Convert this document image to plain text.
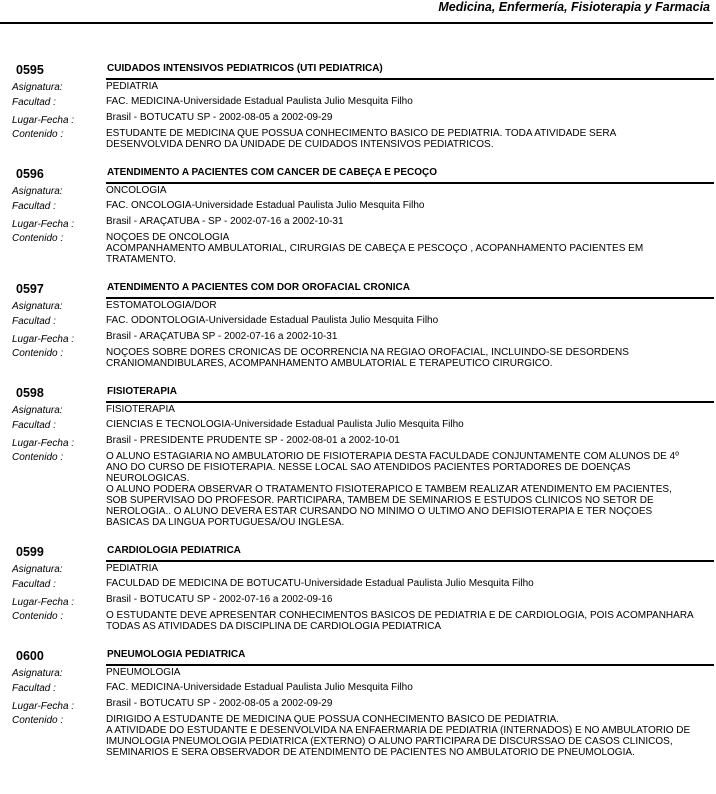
Medicina, Enfermería, Fisioterapia y Farmacia
0595	CUIDADOS INTENSIVOS PEDIATRICOS (UTI PEDIATRICA)
Asignatura:	PEDIATRIA
Facultad :	FAC. MEDICINA-Universidade Estadual Paulista Julio Mesquita Filho
Lugar-Fecha :	Brasil - BOTUCATU SP - 2002-08-05 a 2002-09-29
Contenido :	ESTUDANTE DE MEDICINA QUE POSSUA CONHECIMENTO BASICO DE PEDIATRIA. TODA ATIVIDADE SERA
DESENVOLVIDA DENRO DA UNIDADE DE CUIDADOS INTENSIVOS PEDIATRICOS.
0596	ATENDIMENTO A PACIENTES COM CANCER DE CABEÇA E PECOÇO
Asignatura:	ONCOLOGIA
Facultad :	FAC. ONCOLOGIA-Universidade Estadual Paulista Julio Mesquita Filho
Lugar-Fecha :	Brasil - ARAÇATUBA - SP - 2002-07-16 a 2002-10-31
Contenido :	NOÇOES DE ONCOLOGIA
ACOMPANHAMENTO AMBULATORIAL, CIRURGIAS DE CABEÇA E PESCOÇO , ACOPANHAMENTO PACIENTES EM
TRATAMENTO.
0597	ATENDIMENTO A PACIENTES COM DOR OROFACIAL CRONICA
Asignatura:	ESTOMATOLOGIA/DOR
Facultad :	FAC. ODONTOLOGIA-Universidade Estadual Paulista Julio Mesquita Filho
Lugar-Fecha :	Brasil - ARAÇATUBA SP - 2002-07-16 a 2002-10-31
Contenido :	NOÇOES SOBRE DORES CRONICAS DE OCORRENCIA NA REGIAO OROFACIAL, INCLUINDO-SE DESORDENS
CRANIOMANDIBULARES, ACOMPANHAMENTO AMBULATORIAL E TERAPEUTICO CIRURGICO.
0598	FISIOTERAPIA
Asignatura:	FISIOTERAPIA
Facultad :	CIENCIAS E TECNOLOGIA-Universidade Estadual Paulista Julio Mesquita Filho
Lugar-Fecha :	Brasil - PRESIDENTE PRUDENTE SP - 2002-08-01 a 2002-10-01
Contenido :	O ALUNO ESTAGIARIA NO AMBULATORIO DE FISIOTERAPIA DESTA FACULDADE CONJUNTAMENTE COM ALUNOS DE 4º
ANO DO CURSO DE FISIOTERAPIA. NESSE LOCAL SAO ATENDIDOS PACIENTES PORTADORES DE DOENÇAS
NEUROLOGICAS.
O ALUNO PODERA OBSERVAR O TRATAMENTO FISIOTERAPICO E TAMBEM REALIZAR ATENDIMENTO EM PACIENTES,
SOB SUPERVISAO DO PROFESOR. PARTICIPARA, TAMBEM DE SEMINARIOS E ESTUDOS CLINICOS NO SETOR DE
NEROLOGIA.. O ALUNO DEVERA ESTAR CURSANDO NO MINIMO O ULTIMO ANO DEFISIOTERAPIA E TER NOÇOES
BASICAS DA LINGUA PORTUGUESA/OU INGLESA.
0599	CARDIOLOGIA PEDIATRICA
Asignatura:	PEDIATRIA
Facultad :	FACULDAD DE MEDICINA DE BOTUCATU-Universidade Estadual Paulista Julio Mesquita Filho
Lugar-Fecha :	Brasil - BOTUCATU SP - 2002-07-16 a 2002-09-16
Contenido :	O ESTUDANTE DEVE APRESENTAR CONHECIMENTOS BASICOS DE PEDIATRIA E DE CARDIOLOGIA, POIS ACOMPANHARA
TODAS AS ATIVIDADES DA DISCIPLINA DE CARDIOLOGIA PEDIATRICA
0600	PNEUMOLOGIA PEDIATRICA
Asignatura:	PNEUMOLOGIA
Facultad :	FAC. MEDICINA-Universidade Estadual Paulista Julio Mesquita Filho
Lugar-Fecha :	Brasil - BOTUCATU SP - 2002-08-05 a 2002-09-29
Contenido :	DIRIGIDO A ESTUDANTE DE MEDICINA QUE POSSUA CONHECIMENTO BASICO DE PEDIATRIA.
A ATIVIDADE DO ESTUDANTE E DESENVOLVIDA NA ENFAERMARIA DE PEDIATRIA (INTERNADOS) E NO AMBULATORIO DE
IMUNOLOGIA PNEUMOLOGIA PEDIATRICA (EXTERNO) O ALUNO PARTICIPARA DE DISCURSSAO DE CASOS CLINICOS,
SEMINARIOS E SERA OBSERVADOR DE ATENDIMENTO DE PACIENTES NO AMBULATORIO DE PNEUMOLOGIA.
